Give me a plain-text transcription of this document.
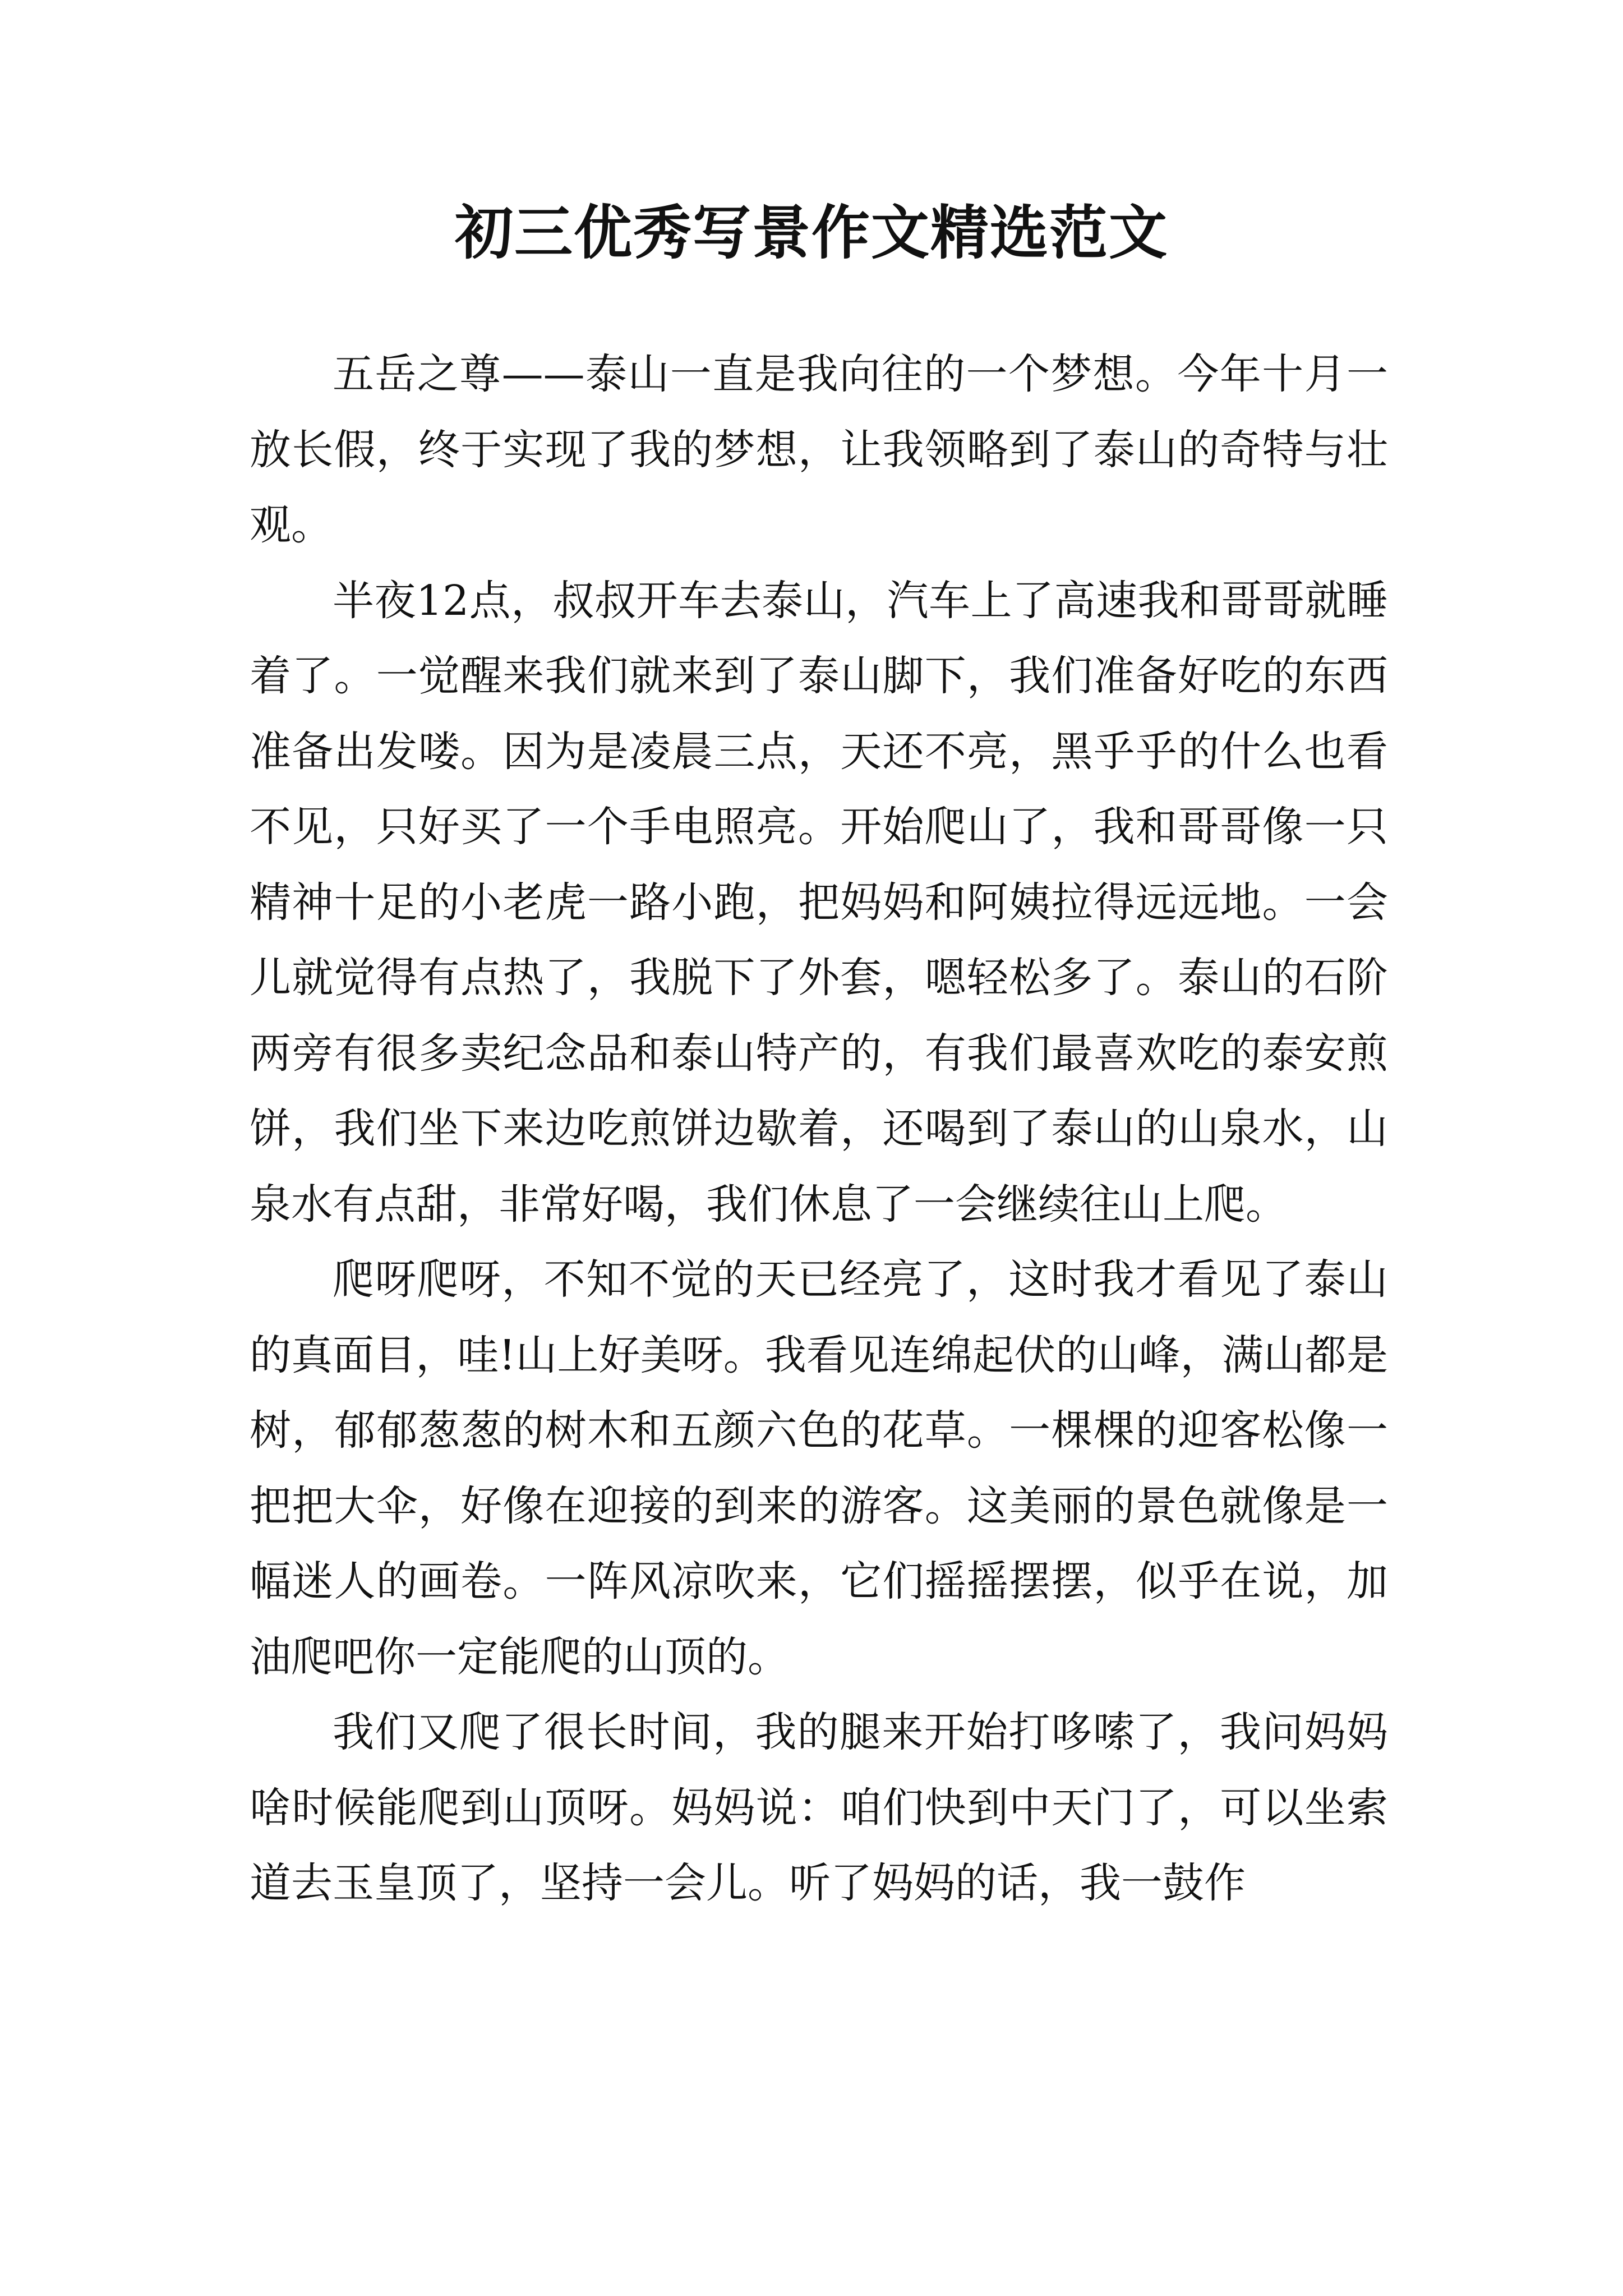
初三优秀写景作文精选范文

五岳之尊——泰山一直是我向往的一个梦想。今年十月一放长假，终于实现了我的梦想，让我领略到了泰山的奇特与壮观。

半夜12点，叔叔开车去泰山，汽车上了高速我和哥哥就睡着了。一觉醒来我们就来到了泰山脚下，我们准备好吃的东西准备出发喽。因为是凌晨三点，天还不亮，黑乎乎的什么也看不见，只好买了一个手电照亮。开始爬山了，我和哥哥像一只精神十足的小老虎一路小跑，把妈妈和阿姨拉得远远地。一会儿就觉得有点热了，我脱下了外套，嗯轻松多了。泰山的石阶两旁有很多卖纪念品和泰山特产的，有我们最喜欢吃的泰安煎饼，我们坐下来边吃煎饼边歇着，还喝到了泰山的山泉水，山泉水有点甜，非常好喝，我们休息了一会继续往山上爬。

爬呀爬呀，不知不觉的天已经亮了，这时我才看见了泰山的真面目，哇!山上好美呀。我看见连绵起伏的山峰，满山都是树，郁郁葱葱的树木和五颜六色的花草。一棵棵的迎客松像一把把大伞，好像在迎接的到来的游客。这美丽的景色就像是一幅迷人的画卷。一阵风凉吹来，它们摇摇摆摆，似乎在说，加油爬吧你一定能爬的山顶的。

我们又爬了很长时间，我的腿来开始打哆嗦了，我问妈妈啥时候能爬到山顶呀。妈妈说：咱们快到中天门了，可以坐索道去玉皇顶了，坚持一会儿。听了妈妈的话，我一鼓作
